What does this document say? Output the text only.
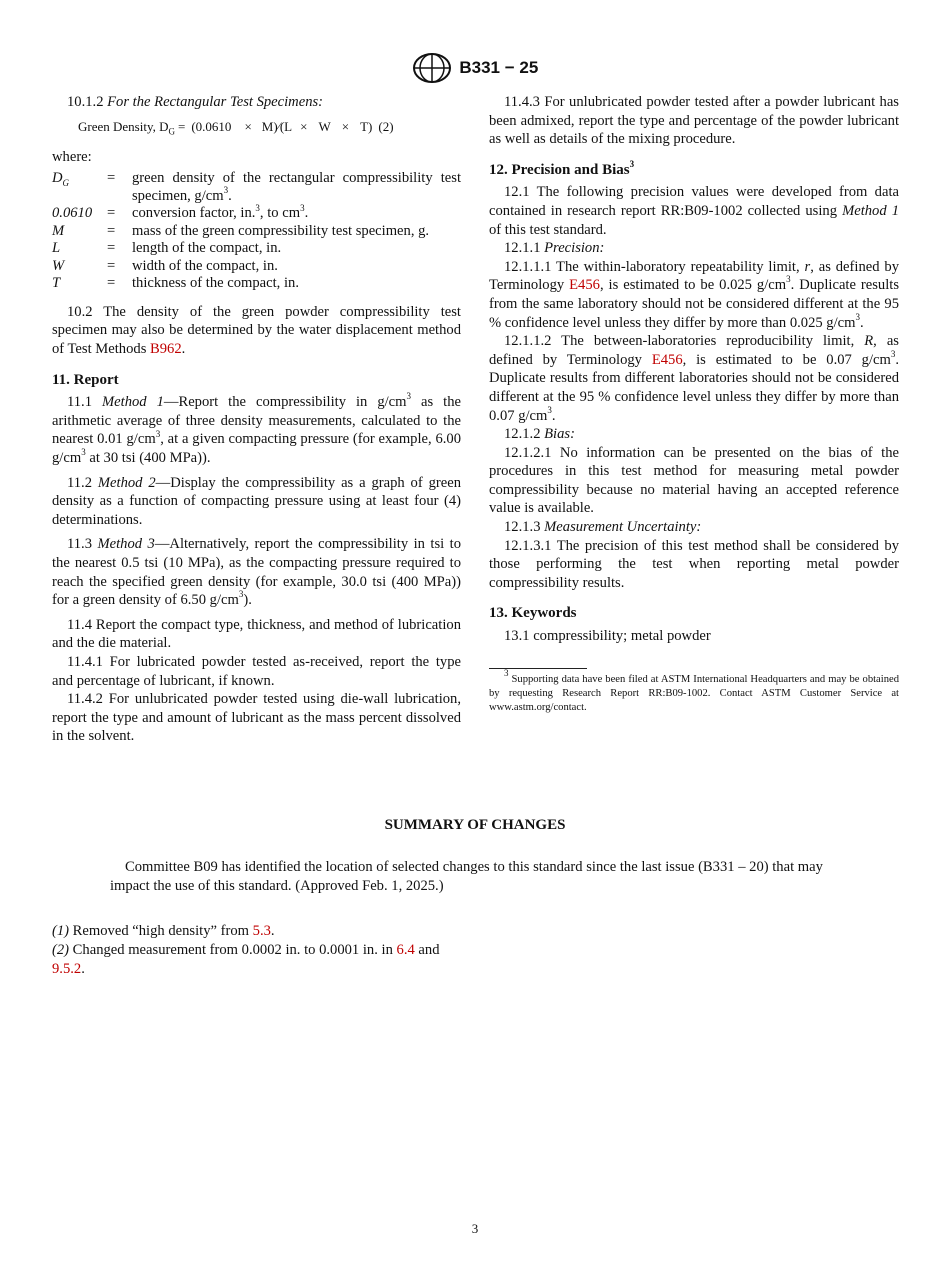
B331 − 25

10.1.2 For the Rectangular Test Specimens:

Green Density, $D_G = (0.0610$ × M)⁄(L × W × T) (2)

where:

$D_G$	=	green density of the rectangular compressibility test specimen, $g/cm^3$.
0.0610	=	conversion factor, in.$^3$, to $cm^3$.
M	=	mass of the green compressibility test specimen, g.
L	=	length of the compact, in.
W	=	width of the compact, in.
T	=	thickness of the compact, in.

10.2 The density of the green powder compressibility test specimen may also be determined by the water displacement method of Test Methods B962.

11. Report

11.1 Method 1—Report the compressibility in $g/cm^3$ as the arithmetic average of three density measurements, calculated to the nearest 0.01 $g/cm^3$, at a given compacting pressure (for example, 6.00 $g/cm^3$ at 30 tsi (400 MPa)).

11.2 Method 2—Display the compressibility as a graph of green density as a function of compacting pressure using at least four (4) determinations.

11.3 Method 3—Alternatively, report the compressibility in tsi to the nearest 0.5 tsi (10 MPa), as the compacting pressure required to reach the specified green density (for example, 30.0 tsi (400 MPa)) for a green density of 6.50 $g/cm^3$).

11.4 Report the compact type, thickness, and method of lubrication and the die material.

11.4.1 For lubricated powder tested as-received, report the type and percentage of lubricant, if known.

11.4.2 For unlubricated powder tested using die-wall lubrication, report the type and amount of lubricant as the mass percent dissolved in the solvent.

11.4.3 For unlubricated powder tested after a powder lubricant has been admixed, report the type and percentage of the powder lubricant as well as details of the mixing procedure.

12. Precision and Bias$^3$

12.1 The following precision values were developed from data contained in research report RR:B09-1002 collected using Method 1 of this test standard.

12.1.1 Precision:

12.1.1.1 The within-laboratory repeatability limit, r, as defined by Terminology E456, is estimated to be 0.025 $g/cm^3$. Duplicate results from the same laboratory should not be considered different at the 95 % confidence level unless they differ by more than 0.025 $g/cm^3$.

12.1.1.2 The between-laboratories reproducibility limit, R, as defined by Terminology E456, is estimated to be 0.07 $g/cm^3$. Duplicate results from different laboratories should not be considered different at the 95 % confidence level unless they differ by more than 0.07 $g/cm^3$.

12.1.2 Bias:

12.1.2.1 No information can be presented on the bias of the procedures in this test method for measuring metal powder compressibility because no material having an accepted reference value is available.

12.1.3 Measurement Uncertainty:

12.1.3.1 The precision of this test method shall be considered by those performing the test when reporting metal powder compressibility results.

13. Keywords

13.1 compressibility; metal powder

$^3$ Supporting data have been filed at ASTM International Headquarters and may be obtained by requesting Research Report RR:B09-1002. Contact ASTM Customer Service at www.astm.org/contact.

SUMMARY OF CHANGES

Committee B09 has identified the location of selected changes to this standard since the last issue (B331 – 20) that may impact the use of this standard. (Approved Feb. 1, 2025.)

(1) Removed “high density” from 5.3.

(2) Changed measurement from 0.0002 in. to 0.0001 in. in 6.4 and 9.5.2.

3
